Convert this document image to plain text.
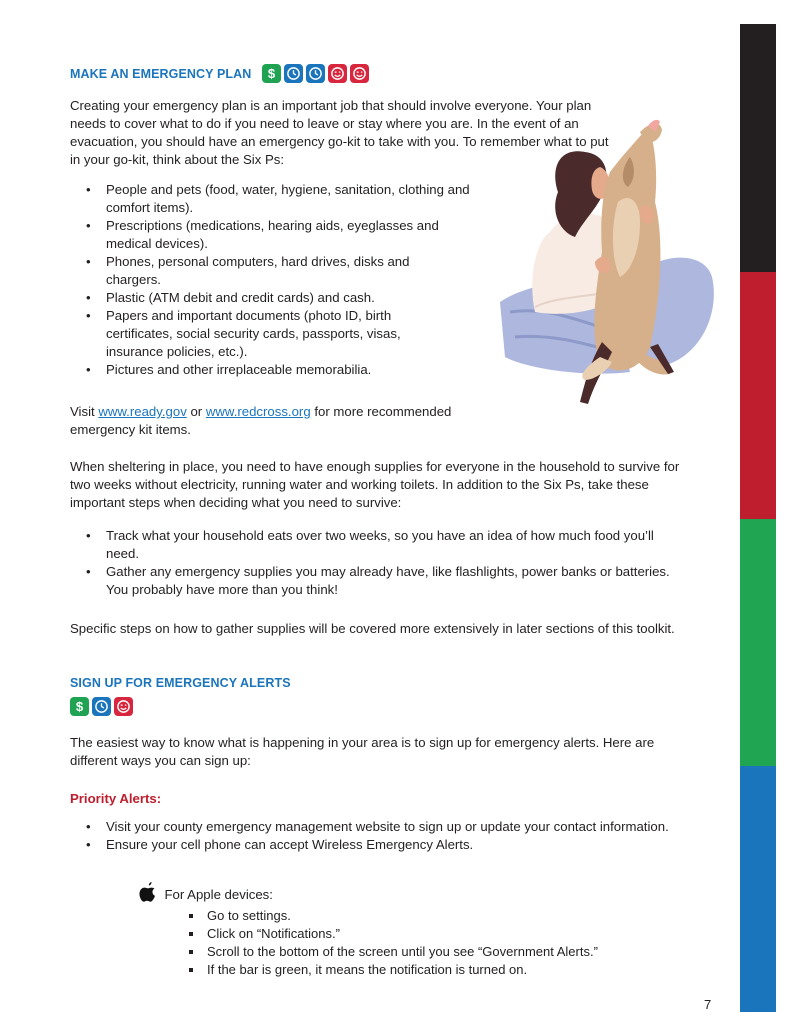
MAKE AN EMERGENCY PLAN $

Creating your emergency plan is an important job that should involve everyone. Your plan needs to cover what to do if you need to leave or stay where you are. In the event of an evacuation, you should have an emergency go-kit to take with you. To remember what to put in your go-kit, think about the Six Ps:

• People and pets (food, water, hygiene, sanitation, clothing and comfort items).
• Prescriptions (medications, hearing aids, eyeglasses and medical devices).
• Phones, personal computers, hard drives, disks and chargers.
• Plastic (ATM debit and credit cards) and cash.
• Papers and important documents (photo ID, birth certificates, social security cards, passports, visas, insurance policies, etc.).
• Pictures and other irreplaceable memorabilia.

Visit www.ready.gov or www.redcross.org for more recommended emergency kit items.

When sheltering in place, you need to have enough supplies for everyone in the household to survive for two weeks without electricity, running water and working toilets. In addition to the Six Ps, take these important steps when deciding what you need to survive:

• Track what your household eats over two weeks, so you have an idea of how much food you’ll need.
• Gather any emergency supplies you may already have, like flashlights, power banks or batteries. You probably have more than you think!

Specific steps on how to gather supplies will be covered more extensively in later sections of this toolkit.

SIGN UP FOR EMERGENCY ALERTS
$

The easiest way to know what is happening in your area is to sign up for emergency alerts. Here are different ways you can sign up:

Priority Alerts:

• Visit your county emergency management website to sign up or update your contact information.
• Ensure your cell phone can accept Wireless Emergency Alerts.
For Apple devices:
Go to settings.
Click on “Notifications.”
Scroll to the bottom of the screen until you see “Government Alerts.”
If the bar is green, it means the notification is turned on.
7
